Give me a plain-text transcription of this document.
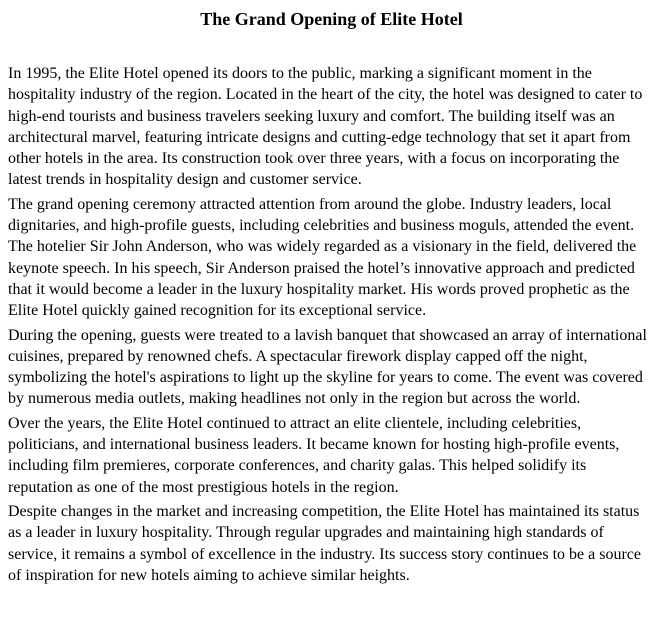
The Grand Opening of Elite Hotel

In 1995, the Elite Hotel opened its doors to the public, marking a significant moment in the hospitality industry of the region. Located in the heart of the city, the hotel was designed to cater to high-end tourists and business travelers seeking luxury and comfort. The building itself was an architectural marvel, featuring intricate designs and cutting-edge technology that set it apart from other hotels in the area. Its construction took over three years, with a focus on incorporating the latest trends in hospitality design and customer service.

The grand opening ceremony attracted attention from around the globe. Industry leaders, local dignitaries, and high-profile guests, including celebrities and business moguls, attended the event. The hotelier Sir John Anderson, who was widely regarded as a visionary in the field, delivered the keynote speech. In his speech, Sir Anderson praised the hotel’s innovative approach and predicted that it would become a leader in the luxury hospitality market. His words proved prophetic as the Elite Hotel quickly gained recognition for its exceptional service.

During the opening, guests were treated to a lavish banquet that showcased an array of international cuisines, prepared by renowned chefs. A spectacular firework display capped off the night, symbolizing the hotel's aspirations to light up the skyline for years to come. The event was covered by numerous media outlets, making headlines not only in the region but across the world.

Over the years, the Elite Hotel continued to attract an elite clientele, including celebrities, politicians, and international business leaders. It became known for hosting high-profile events, including film premieres, corporate conferences, and charity galas. This helped solidify its reputation as one of the most prestigious hotels in the region.

Despite changes in the market and increasing competition, the Elite Hotel has maintained its status as a leader in luxury hospitality. Through regular upgrades and maintaining high standards of service, it remains a symbol of excellence in the industry. Its success story continues to be a source of inspiration for new hotels aiming to achieve similar heights.
